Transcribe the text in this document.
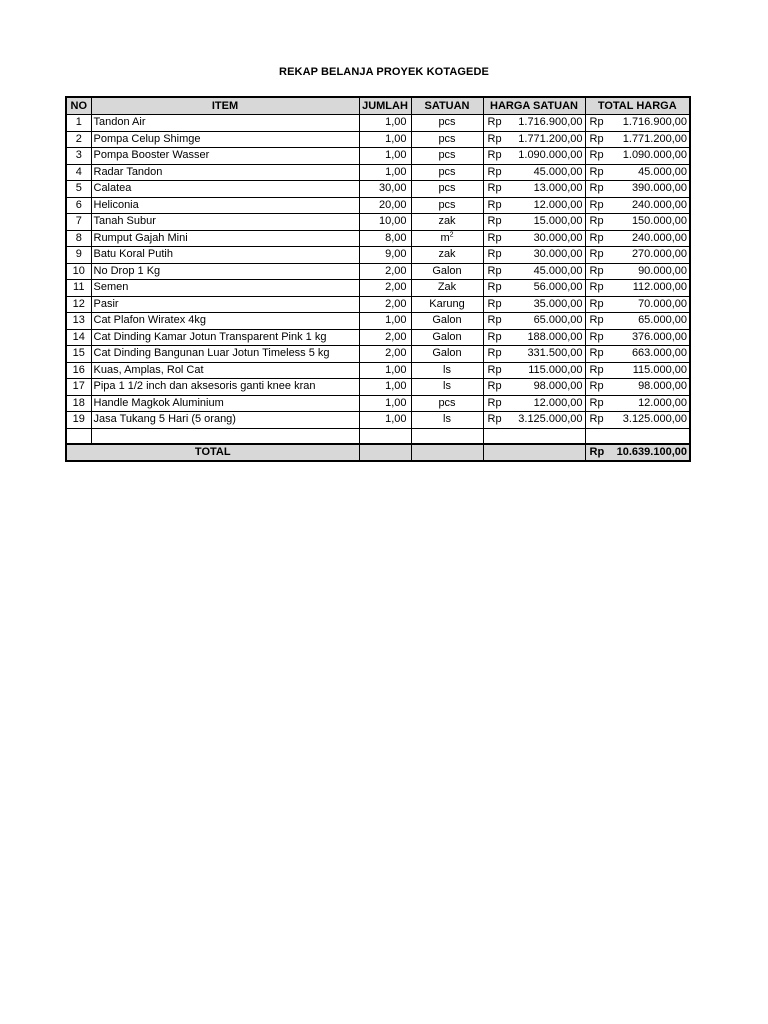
REKAP BELANJA PROYEK KOTAGEDE
NO	ITEM	JUMLAH	SATUAN	HARGA SATUAN	TOTAL HARGA
1	Tandon Air	1,00	pcs	Rp 1.716.900,00	Rp 1.716.900,00

2	Pompa Celup Shimge	1,00	pcs	Rp 1.771.200,00	Rp 1.771.200,00

3	Pompa Booster Wasser	1,00	pcs	Rp 1.090.000,00	Rp 1.090.000,00

4	Radar Tandon	1,00	pcs	Rp 45.000,00	Rp 45.000,00

5	Calatea	30,00	pcs	Rp 13.000,00	Rp 390.000,00

6	Heliconia	20,00	pcs	Rp 12.000,00	Rp 240.000,00

7	Tanah Subur	10,00	zak	Rp 15.000,00	Rp 150.000,00

8	Rumput Gajah Mini	8,00	$m^2$	Rp 30.000,00	Rp 240.000,00

9	Batu Koral Putih	9,00	zak	Rp 30.000,00	Rp 270.000,00

10	No Drop 1 Kg	2,00	Galon	Rp 45.000,00	Rp 90.000,00

11	Semen	2,00	Zak	Rp 56.000,00	Rp 112.000,00

12	Pasir	2,00	Karung	Rp 35.000,00	Rp 70.000,00

13	Cat Plafon Wiratex 4kg	1,00	Galon	Rp 65.000,00	Rp 65.000,00

14	Cat Dinding Kamar Jotun Transparent Pink 1 kg	2,00	Galon	Rp 188.000,00	Rp 376.000,00

15	Cat Dinding Bangunan Luar Jotun Timeless 5 kg	2,00	Galon	Rp 331.500,00	Rp 663.000,00

16	Kuas, Amplas, Rol Cat	1,00	ls	Rp 115.000,00	Rp 115.000,00

17	Pipa 1 1/2 inch dan aksesoris ganti knee kran	1,00	ls	Rp 98.000,00	Rp 98.000,00

18	Handle Magkok Aluminium	1,00	pcs	Rp 12.000,00	Rp 12.000,00

19	Jasa Tukang 5 Hari (5 orang)	1,00	ls	Rp 3.125.000,00	Rp 3.125.000,00

TOTAL					Rp 10.639.100,00
